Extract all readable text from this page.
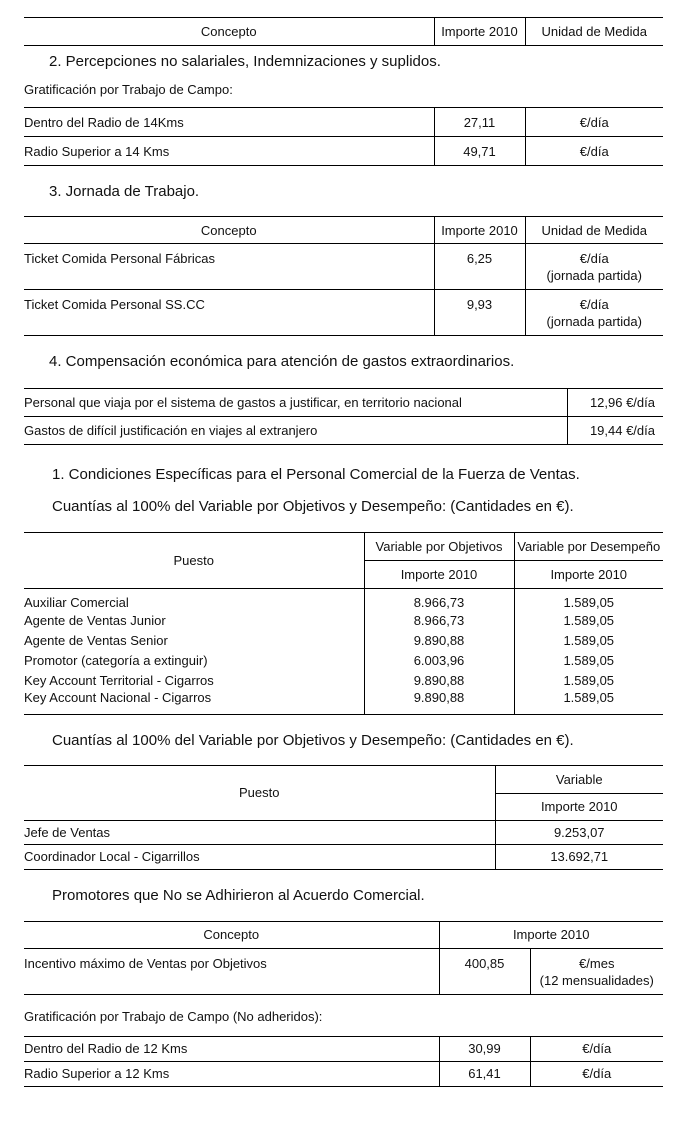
Concepto	Importe 2010	Unidad de Medida

2. Percepciones no salariales, Indemnizaciones y suplidos.

Gratificación por Trabajo de Campo:

Dentro del Radio de 14Kms	27,11	€/día
Radio Superior a 14 Kms	49,71	€/día

3. Jornada de Trabajo.

Concepto	Importe 2010	Unidad de Medida
Ticket Comida Personal Fábricas	6,25	€/día
(jornada partida)

Ticket Comida Personal SS.CC	9,93	€/día
(jornada partida)

4. Compensación económica para atención de gastos extraordinarios.

Personal que viaja por el sistema de gastos a justificar, en territorio nacional	12,96 €/día
Gastos de difícil justificación en viajes al extranjero	19,44 €/día

1. Condiciones Específicas para el Personal Comercial de la Fuerza de Ventas.

Cuantías al 100% del Variable por Objetivos y Desempeño: (Cantidades en €).

Puesto	Variable por Objetivos	Variable por Desempeño
	Importe 2010	Importe 2010
Auxiliar Comercial	8.966,73	1.589,05
Agente de Ventas Junior	8.966,73	1.589,05
Agente de Ventas Senior	9.890,88	1.589,05
Promotor (categoría a extinguir)	6.003,96	1.589,05
Key Account Territorial - Cigarros	9.890,88	1.589,05
Key Account Nacional - Cigarros	9.890,88	1.589,05

Cuantías al 100% del Variable por Objetivos y Desempeño: (Cantidades en €).

Puesto	Variable
	Importe 2010
Jefe de Ventas	9.253,07
Coordinador Local - Cigarrillos	13.692,71

Promotores que No se Adhirieron al Acuerdo Comercial.

Concepto	Importe 2010	
Incentivo máximo de Ventas por Objetivos	400,85	€/mes
(12 mensualidades)

Gratificación por Trabajo de Campo (No adheridos):

Dentro del Radio de 12 Kms	30,99	€/día
Radio Superior a 12 Kms	61,41	€/día
